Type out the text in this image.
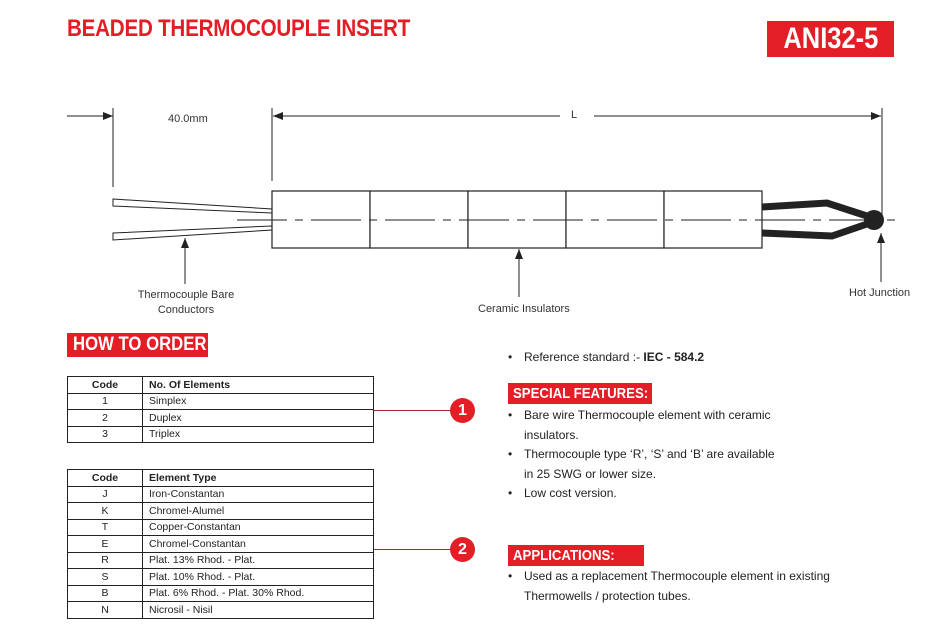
BEADED THERMOCOUPLE INSERT	ANI32-5
40.0mm	L
Thermocouple Bare
Conductors	Ceramic Insulators
Hot Junction
HOW TO ORDER
Code	No. Of Elements
1	Simplex
2	Duplex
3	Triplex
1
Code	Element Type
J	Iron-Constantan
K	Chromel-Alumel
T	Copper-Constantan
E	Chromel-Constantan
R	Plat. 13% Rhod. - Plat.
S	Plat. 10% Rhod. - Plat.
B	Plat. 6% Rhod. - Plat. 30% Rhod.
N	Nicrosil - Nisil
2
• Reference standard :- IEC - 584.2
SPECIAL FEATURES:
• Bare wire Thermocouple element with ceramic insulators.
• Thermocouple type ‘R’, ‘S’ and ‘B’ are available in 25 SWG or lower size.
• Low cost version.
APPLICATIONS:
• Used as a replacement Thermocouple element in existing Thermowells / protection tubes.
